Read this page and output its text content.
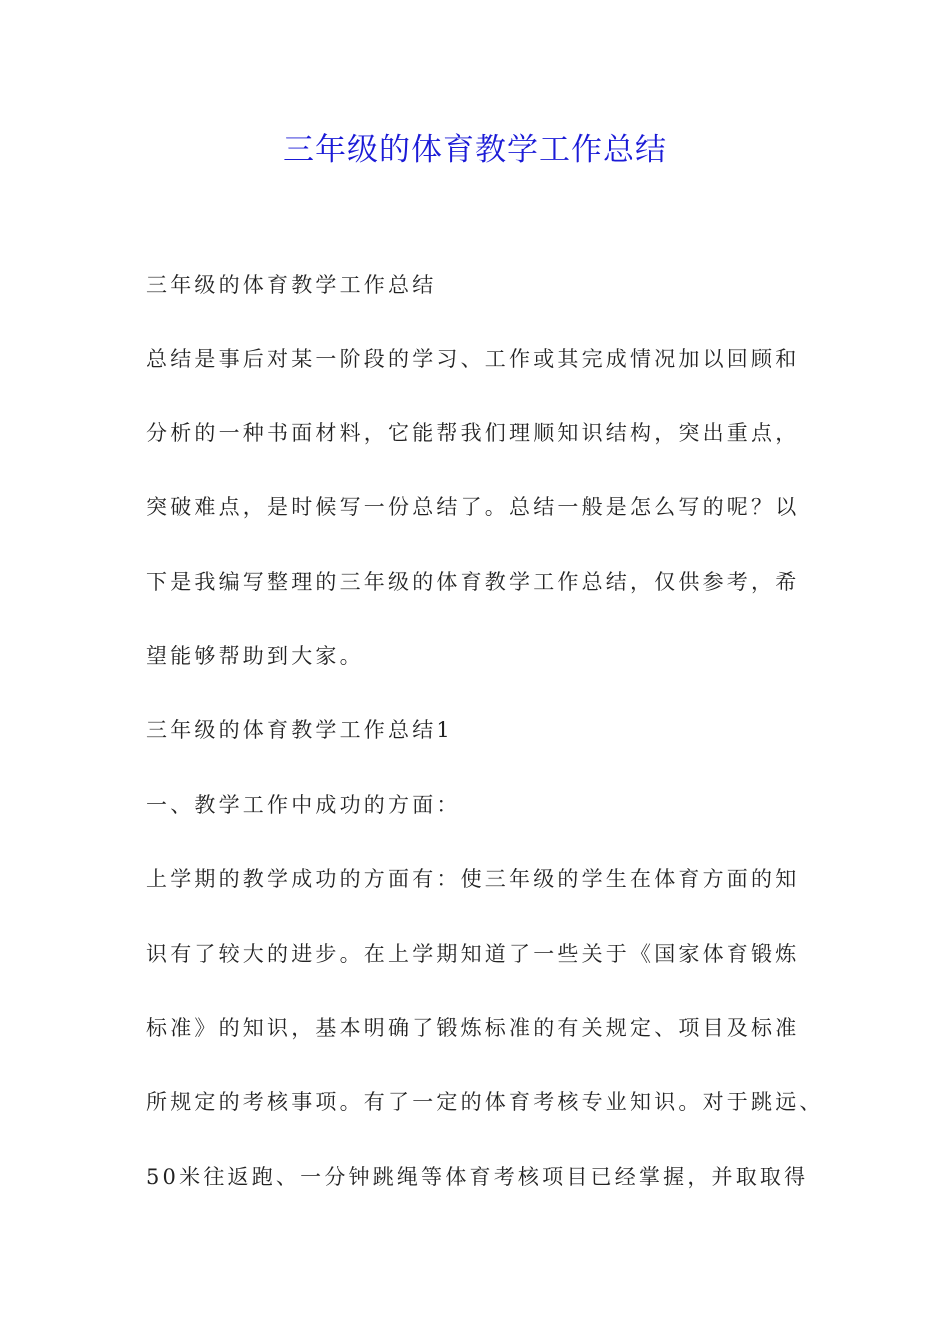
三年级的体育教学工作总结
三年级的体育教学工作总结
总结是事后对某一阶段的学习、工作或其完成情况加以回顾和
分析的一种书面材料，它能帮我们理顺知识结构，突出重点，
突破难点，是时候写一份总结了。总结一般是怎么写的呢？以
下是我编写整理的三年级的体育教学工作总结，仅供参考，希
望能够帮助到大家。
三年级的体育教学工作总结1
一、教学工作中成功的方面：
上学期的教学成功的方面有：使三年级的学生在体育方面的知
识有了较大的进步。在上学期知道了一些关于《国家体育锻炼
标准》的知识，基本明确了锻炼标准的有关规定、项目及标准
所规定的考核事项。有了一定的体育考核专业知识。对于跳远、
50米往返跑、一分钟跳绳等体育考核项目已经掌握，并取取得
